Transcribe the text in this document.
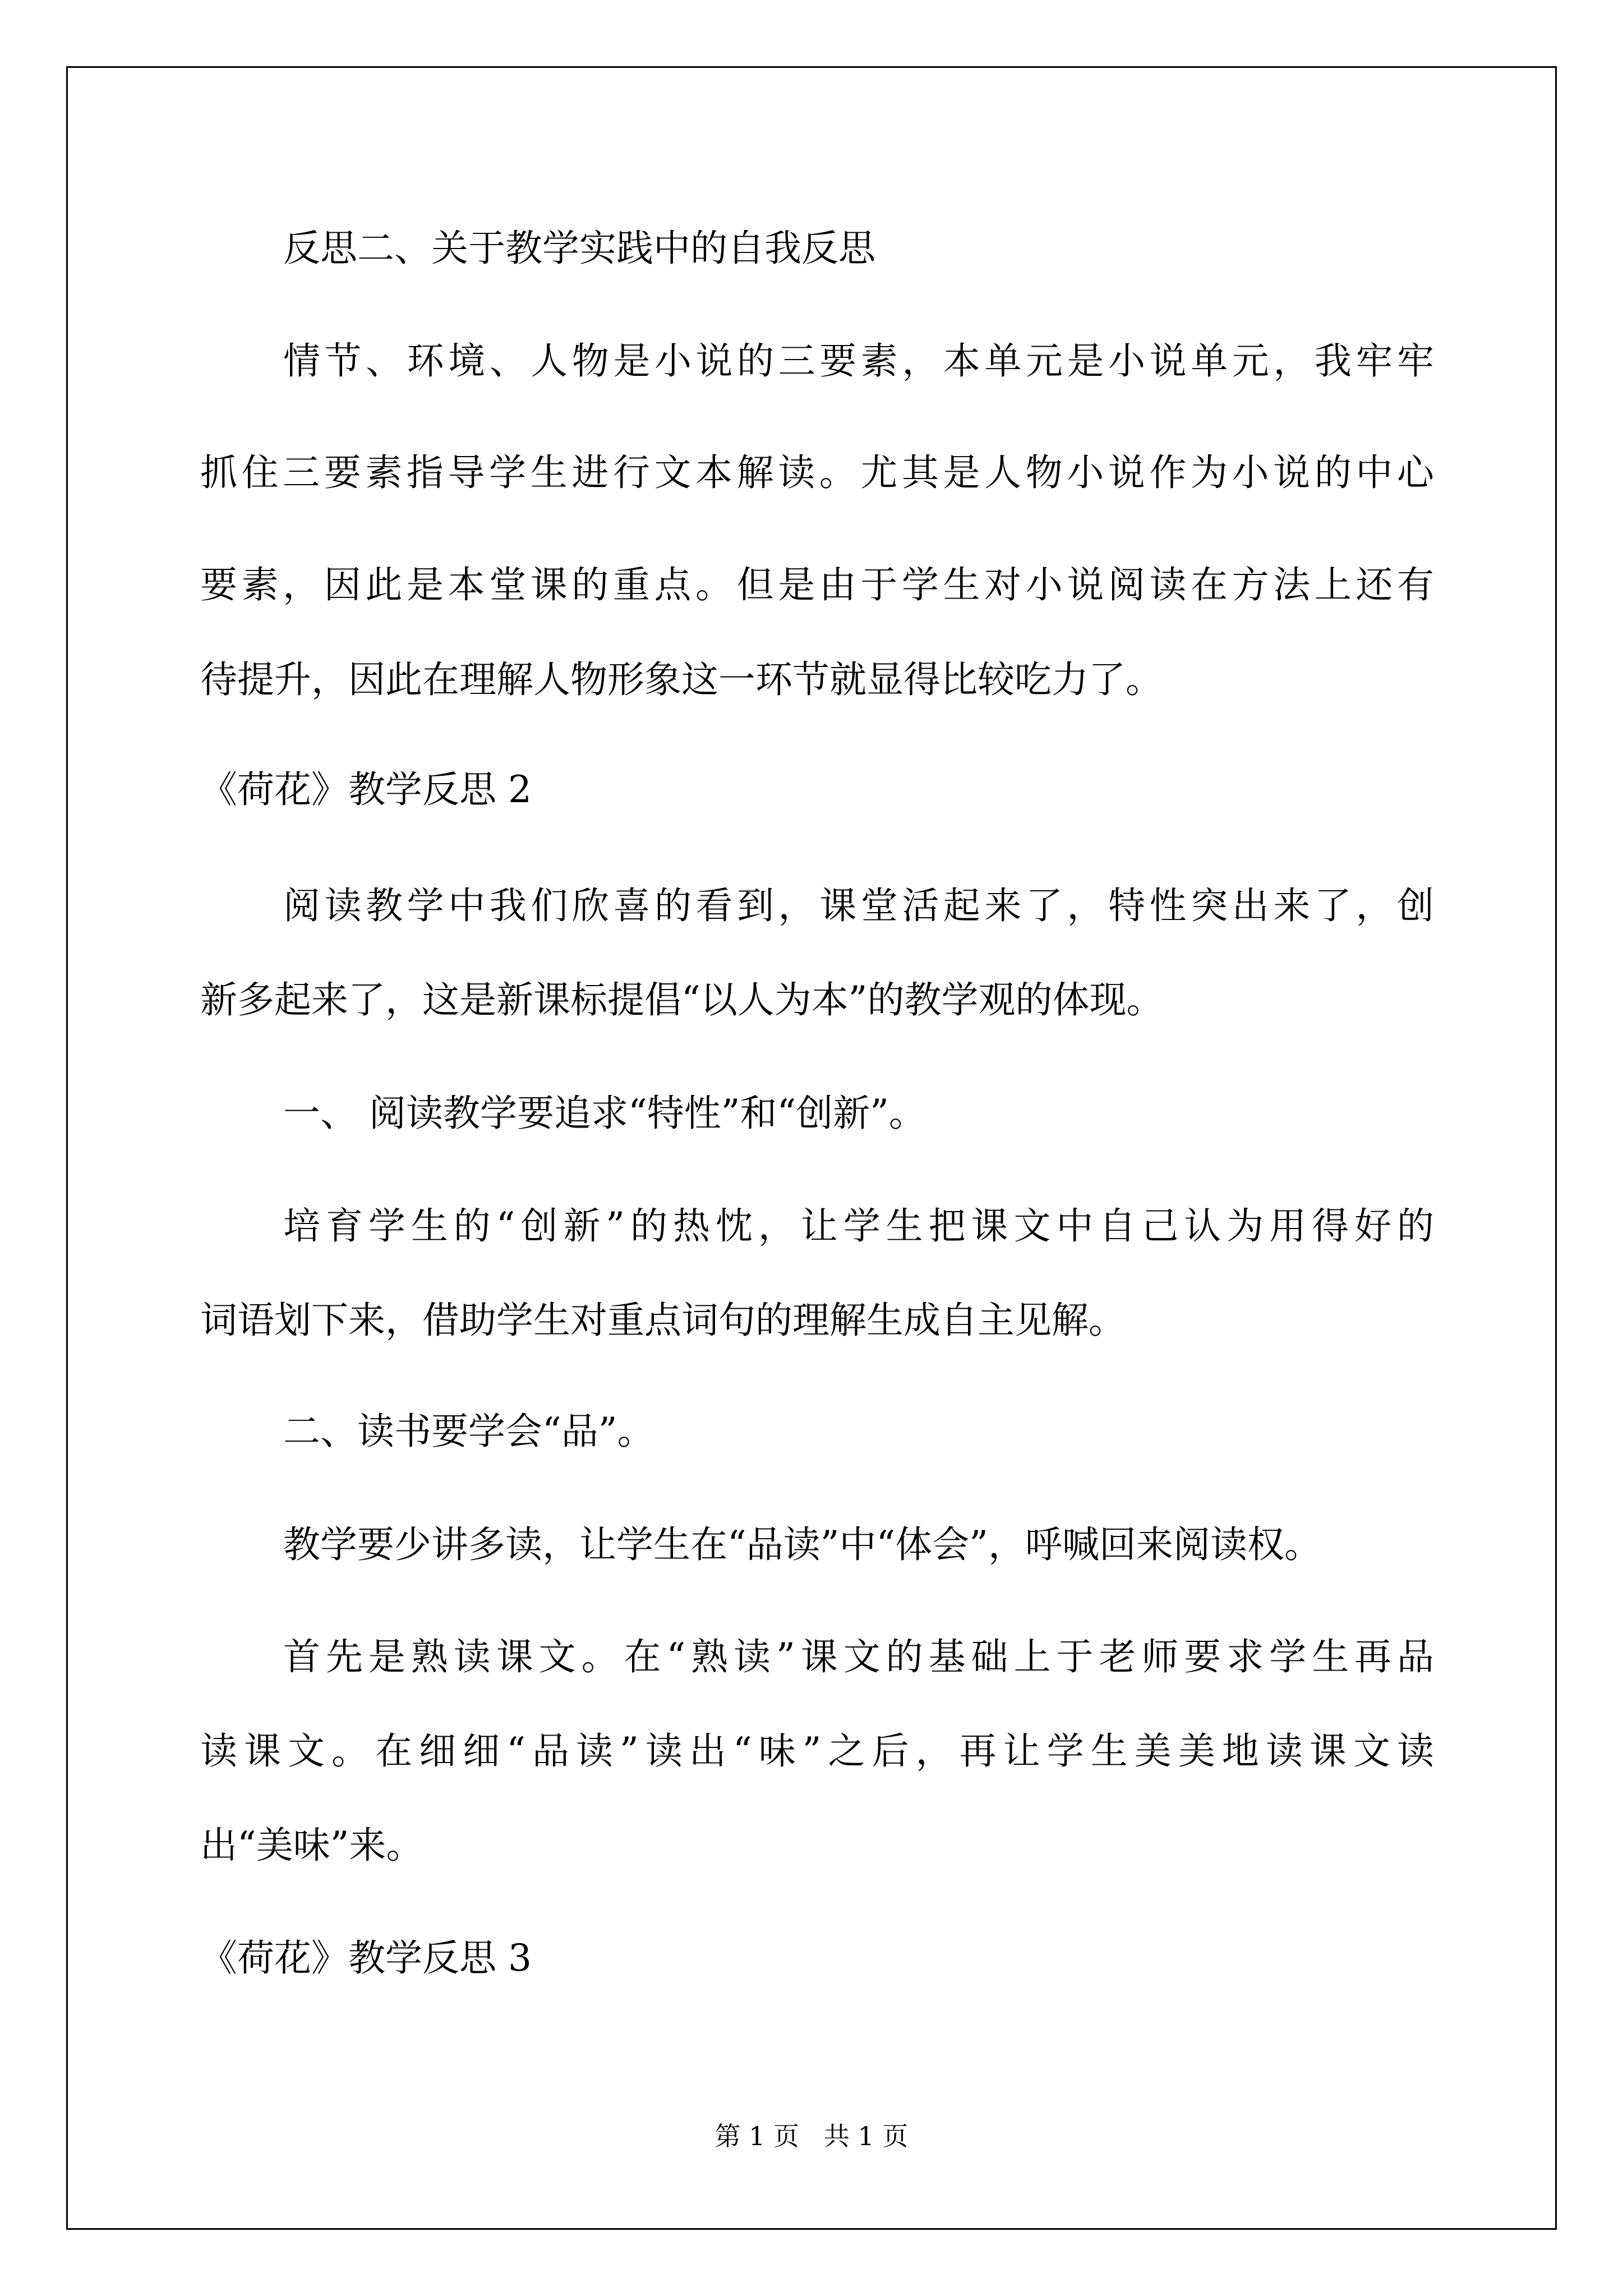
反思二、关于教学实践中的自我反思

情节、环境、人物是小说的三要素，本单元是小说单元，我牢牢

抓住三要素指导学生进行文本解读。尤其是人物小说作为小说的中心

要素，因此是本堂课的重点。但是由于学生对小说阅读在方法上还有

待提升，因此在理解人物形象这一环节就显得比较吃力了。

《荷花》教学反思 2

阅读教学中我们欣喜的看到，课堂活起来了，特性突出来了，创

新多起来了，这是新课标提倡“以人为本”的教学观的体现。

一、 阅读教学要追求“特性”和“创新”。

培育学生的“创新”的热忱，让学生把课文中自己认为用得好的

词语划下来，借助学生对重点词句的理解生成自主见解。

二、读书要学会“品”。

教学要少讲多读，让学生在“品读”中“体会”，呼喊回来阅读权。

首先是熟读课文。在“熟读”课文的基础上于老师要求学生再品

读课文。在细细“品读”读出“味”之后，再让学生美美地读课文读

出“美味”来。

《荷花》教学反思 3

第 1 页   共 1 页
